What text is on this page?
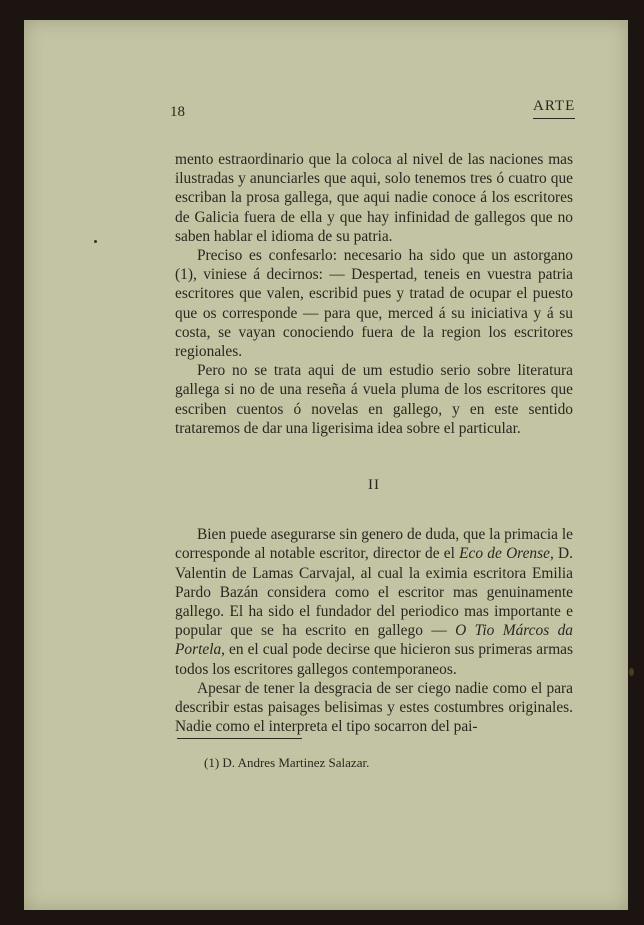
18	ARTE

mento estraordinario que la coloca al nivel de las naciones mas ilustradas y anunciarles que aqui, solo tenemos tres ó cuatro que escriban la prosa gallega, que aqui nadie conoce á los escritores de Galicia fuera de ella y que hay infinidad de gallegos que no saben hablar el idioma de su patria.

Preciso es confesarlo: necesario ha sido que un astorgano (1), viniese á decirnos: — Despertad, teneis en vuestra patria escritores que valen, escribid pues y tratad de ocupar el puesto que os corresponde — para que, merced á su iniciativa y á su costa, se vayan conociendo fuera de la region los escritores regionales.

Pero no se trata aqui de um estudio serio sobre literatura gallega si no de una reseña á vuela pluma de los escritores que escriben cuentos ó novelas en gallego, y en este sentido trataremos de dar una ligerisima idea sobre el particular.

II

Bien puede asegurarse sin genero de duda, que la primacia le corresponde al notable escritor, director de el Eco de Orense, D. Valentin de Lamas Carvajal, al cual la eximia escritora Emilia Pardo Bazán considera como el escritor mas genuinamente gallego. El ha sido el fundador del periodico mas importante e popular que se ha escrito en gallego — O Tio Márcos da Portela, en el cual pode decirse que hicieron sus primeras armas todos los escritores gallegos contemporaneos.

Apesar de tener la desgracia de ser ciego nadie como el para describir estas paisages belisimas y estes costumbres originales. Nadie como el interpreta el tipo socarron del pai-

(1) D. Andres Martinez Salazar.
